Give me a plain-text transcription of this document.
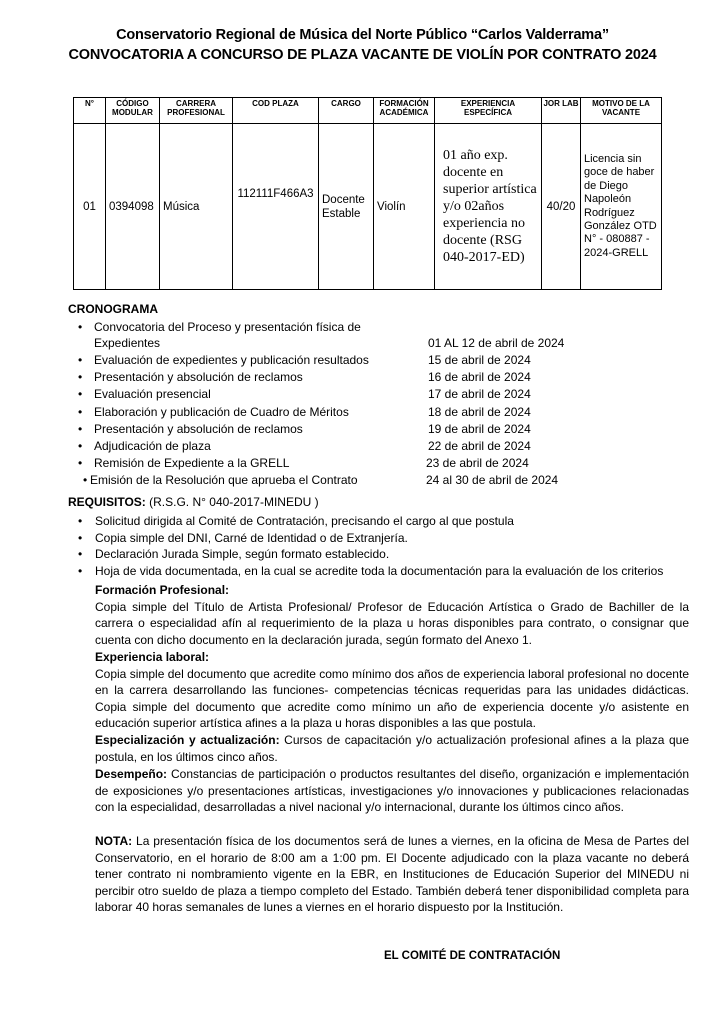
Conservatorio Regional de Música del Norte Público “Carlos Valderrama”
CONVOCATORIA A CONCURSO DE PLAZA VACANTE DE VIOLÍN POR CONTRATO 2024
N°	CÓDIGO MODULAR	CARRERA PROFESIONAL	COD PLAZA	CARGO	FORMACIÓN ACADÉMICA	EXPERIENCIA ESPECÍFICA	JOR LAB	MOTIVO DE LA VACANTE
01	0394098	Música	112111F466A3	Docente Estable	Violín	01 año exp. docente en superior artística y/o 02años experiencia no docente (RSG 040-2017-ED)	40/20	Licencia sin goce de haber de Diego Napoleón Rodríguez González OTD N° - 080887 - 2024-GRELL
CRONOGRAMA
• Convocatoria del Proceso y presentación física de Expedientes	01 AL 12 de abril de 2024
• Evaluación de expedientes y publicación resultados	15 de abril de 2024
• Presentación y absolución de reclamos	16 de abril de 2024
• Evaluación presencial	17 de abril de 2024
• Elaboración y publicación de Cuadro de Méritos	18 de abril de 2024
• Presentación y absolución de reclamos	19 de abril de 2024
• Adjudicación de plaza	22 de abril de 2024
• Remisión de Expediente a la GRELL	23 de abril de 2024
• Emisión de la Resolución que aprueba el Contrato	24 al 30 de abril de 2024
REQUISITOS: (R.S.G. N° 040-2017-MINEDU )
• Solicitud dirigida al Comité de Contratación, precisando el cargo al que postula
• Copia simple del DNI, Carné de Identidad o de Extranjería.
• Declaración Jurada Simple, según formato establecido.
• Hoja de vida documentada, en la cual se acredite toda la documentación para la evaluación de los criterios
Formación Profesional:
Copia simple del Título de Artista Profesional/ Profesor de Educación Artística o Grado de Bachiller de la carrera o especialidad afín al requerimiento de la plaza u horas disponibles para contrato, o consignar que cuenta con dicho documento en la declaración jurada, según formato del Anexo 1.
Experiencia laboral:
Copia simple del documento que acredite como mínimo dos años de experiencia laboral profesional no docente en la carrera desarrollando las funciones- competencias técnicas requeridas para las unidades didácticas. Copia simple del documento que acredite como mínimo un año de experiencia docente y/o asistente en educación superior artística afines a la plaza u horas disponibles a las que postula.
Especialización y actualización: Cursos de capacitación y/o actualización profesional afines a la plaza que postula, en los últimos cinco años.
Desempeño: Constancias de participación o productos resultantes del diseño, organización e implementación de exposiciones y/o presentaciones artísticas, investigaciones y/o innovaciones y publicaciones relacionadas con la especialidad, desarrolladas a nivel nacional y/o internacional, durante los últimos cinco años.
NOTA: La presentación física de los documentos será de lunes a viernes, en la oficina de Mesa de Partes del Conservatorio, en el horario de 8:00 am a 1:00 pm. El Docente adjudicado con la plaza vacante no deberá tener contrato ni nombramiento vigente en la EBR, en Instituciones de Educación Superior del MINEDU ni percibir otro sueldo de plaza a tiempo completo del Estado. También deberá tener disponibilidad completa para laborar 40 horas semanales de lunes a viernes en el horario dispuesto por la Institución.
EL COMITÉ DE CONTRATACIÓN
